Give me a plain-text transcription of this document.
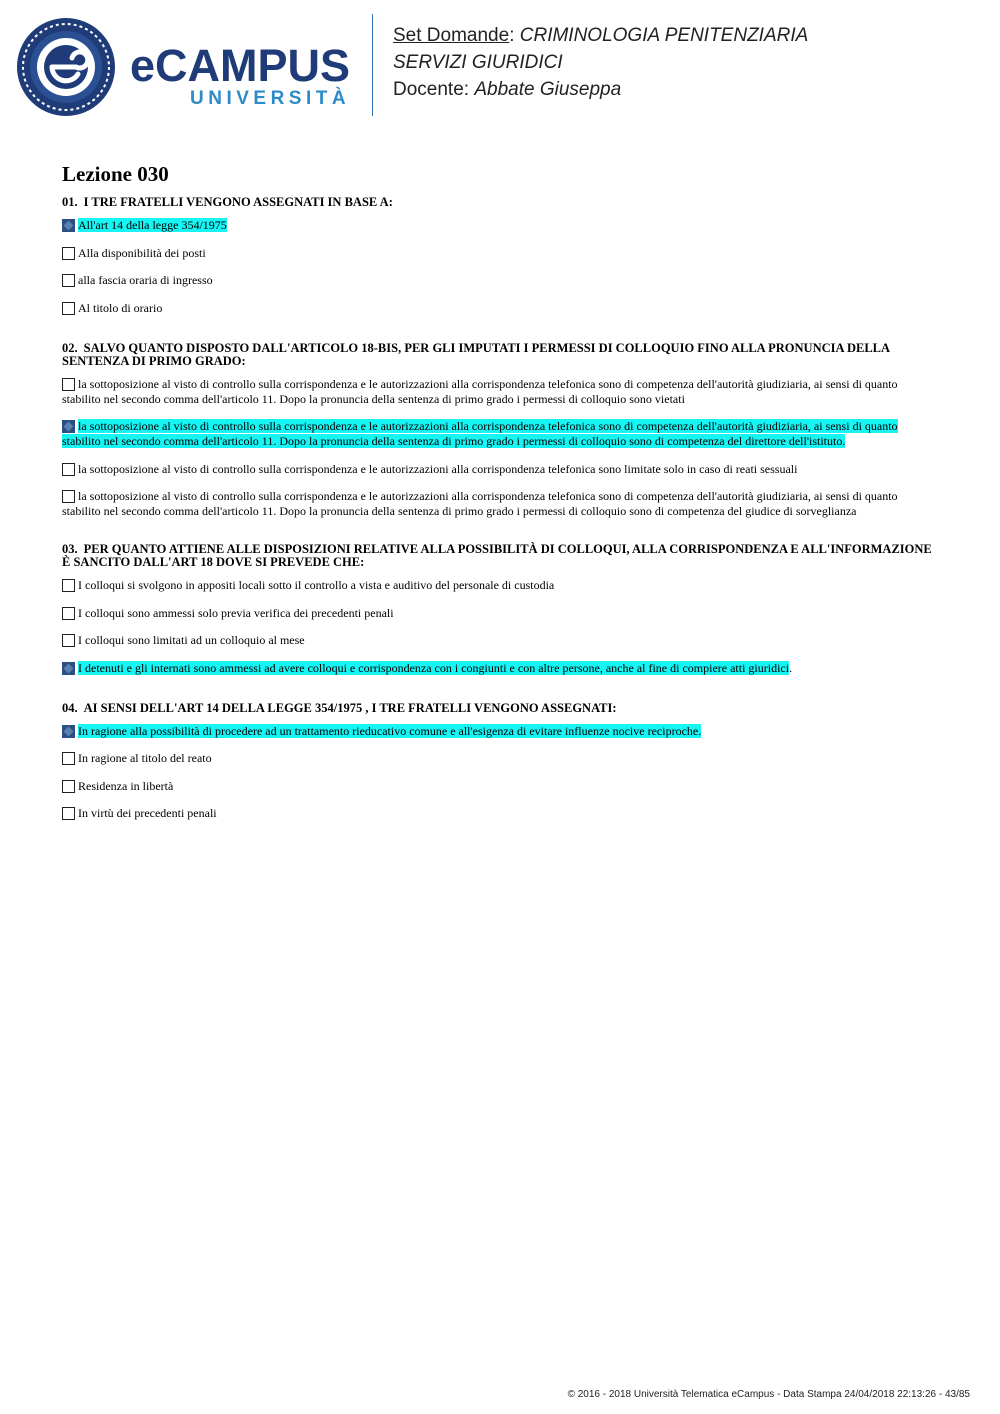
eCAMPUS
UNIVERSITÀ
Set Domande: CRIMINOLOGIA PENITENZIARIA
SERVIZI GIURIDICI
Docente: Abbate Giuseppa
Lezione 030
01. I TRE FRATELLI VENGONO ASSEGNATI IN BASE A:
All'art 14 della legge 354/1975
Alla disponibilità dei posti
alla fascia oraria di ingresso
Al titolo di orario
02. SALVO QUANTO DISPOSTO DALL'ARTICOLO 18-BIS, PER GLI IMPUTATI I PERMESSI DI COLLOQUIO FINO ALLA PRONUNCIA DELLA SENTENZA DI PRIMO GRADO:
la sottoposizione al visto di controllo sulla corrispondenza e le autorizzazioni alla corrispondenza telefonica sono di competenza dell'autorità giudiziaria, ai sensi di quanto stabilito nel secondo comma dell'articolo 11. Dopo la pronuncia della sentenza di primo grado i permessi di colloquio sono vietati
la sottoposizione al visto di controllo sulla corrispondenza e le autorizzazioni alla corrispondenza telefonica sono di competenza dell'autorità giudiziaria, ai sensi di quanto stabilito nel secondo comma dell'articolo 11. Dopo la pronuncia della sentenza di primo grado i permessi di colloquio sono di competenza del direttore dell'istituto.
la sottoposizione al visto di controllo sulla corrispondenza e le autorizzazioni alla corrispondenza telefonica sono limitate solo in caso di reati sessuali
la sottoposizione al visto di controllo sulla corrispondenza e le autorizzazioni alla corrispondenza telefonica sono di competenza dell'autorità giudiziaria, ai sensi di quanto stabilito nel secondo comma dell'articolo 11. Dopo la pronuncia della sentenza di primo grado i permessi di colloquio sono di competenza del giudice di sorveglianza
03. PER QUANTO ATTIENE ALLE DISPOSIZIONI RELATIVE ALLA POSSIBILITÀ DI COLLOQUI, ALLA CORRISPONDENZA E ALL'INFORMAZIONE È SANCITO DALL'ART 18 DOVE SI PREVEDE CHE:
I colloqui si svolgono in appositi locali sotto il controllo a vista e auditivo del personale di custodia
I colloqui sono ammessi solo previa verifica dei precedenti penali
I colloqui sono limitati ad un colloquio al mese
I detenuti e gli internati sono ammessi ad avere colloqui e corrispondenza con i congiunti e con altre persone, anche al fine di compiere atti giuridici.
04. AI SENSI DELL'ART 14 DELLA LEGGE 354/1975 , I TRE FRATELLI VENGONO ASSEGNATI:
In ragione alla possibilità di procedere ad un trattamento rieducativo comune e all'esigenza di evitare influenze nocive reciproche.
In ragione al titolo del reato
Residenza in libertà
In virtù dei precedenti penali
© 2016 - 2018 Università Telematica eCampus - Data Stampa 24/04/2018 22:13:26 - 43/85
